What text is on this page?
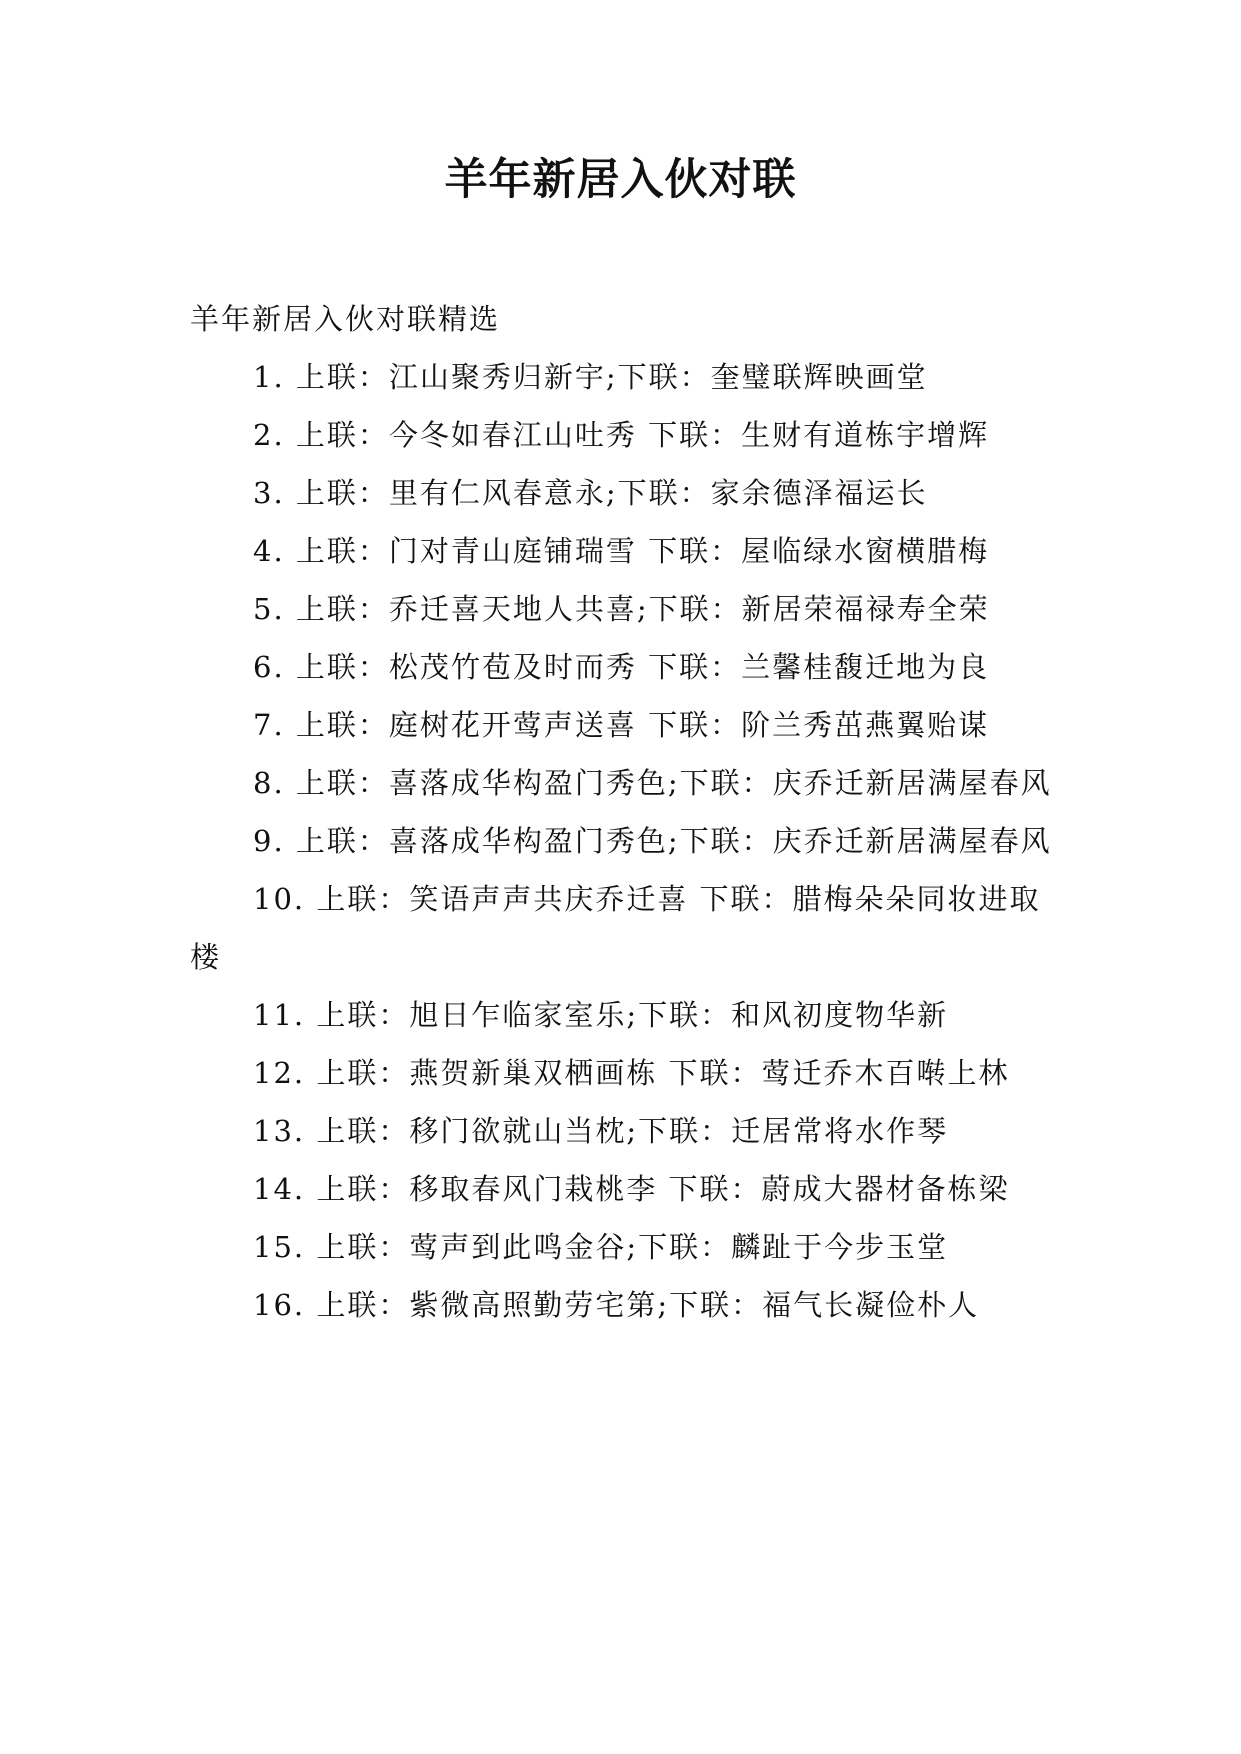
羊年新居入伙对联

羊年新居入伙对联精选

1. 上联：江山聚秀归新宇;下联：奎璧联辉映画堂
2. 上联：今冬如春江山吐秀 下联：生财有道栋宇增辉
3. 上联：里有仁风春意永;下联：家余德泽福运长
4. 上联：门对青山庭铺瑞雪 下联：屋临绿水窗横腊梅
5. 上联：乔迁喜天地人共喜;下联：新居荣福禄寿全荣
6. 上联：松茂竹苞及时而秀 下联：兰馨桂馥迁地为良
7. 上联：庭树花开莺声送喜 下联：阶兰秀茁燕翼贻谋
8. 上联：喜落成华构盈门秀色;下联：庆乔迁新居满屋春风
9. 上联：喜落成华构盈门秀色;下联：庆乔迁新居满屋春风
10. 上联：笑语声声共庆乔迁喜 下联：腊梅朵朵同妆进取楼
11. 上联：旭日乍临家室乐;下联：和风初度物华新
12. 上联：燕贺新巢双栖画栋 下联：莺迁乔木百啭上林
13. 上联：移门欲就山当枕;下联：迁居常将水作琴
14. 上联：移取春风门栽桃李 下联：蔚成大器材备栋梁
15. 上联：莺声到此鸣金谷;下联：麟趾于今步玉堂
16. 上联：紫微高照勤劳宅第;下联：福气长凝俭朴人
